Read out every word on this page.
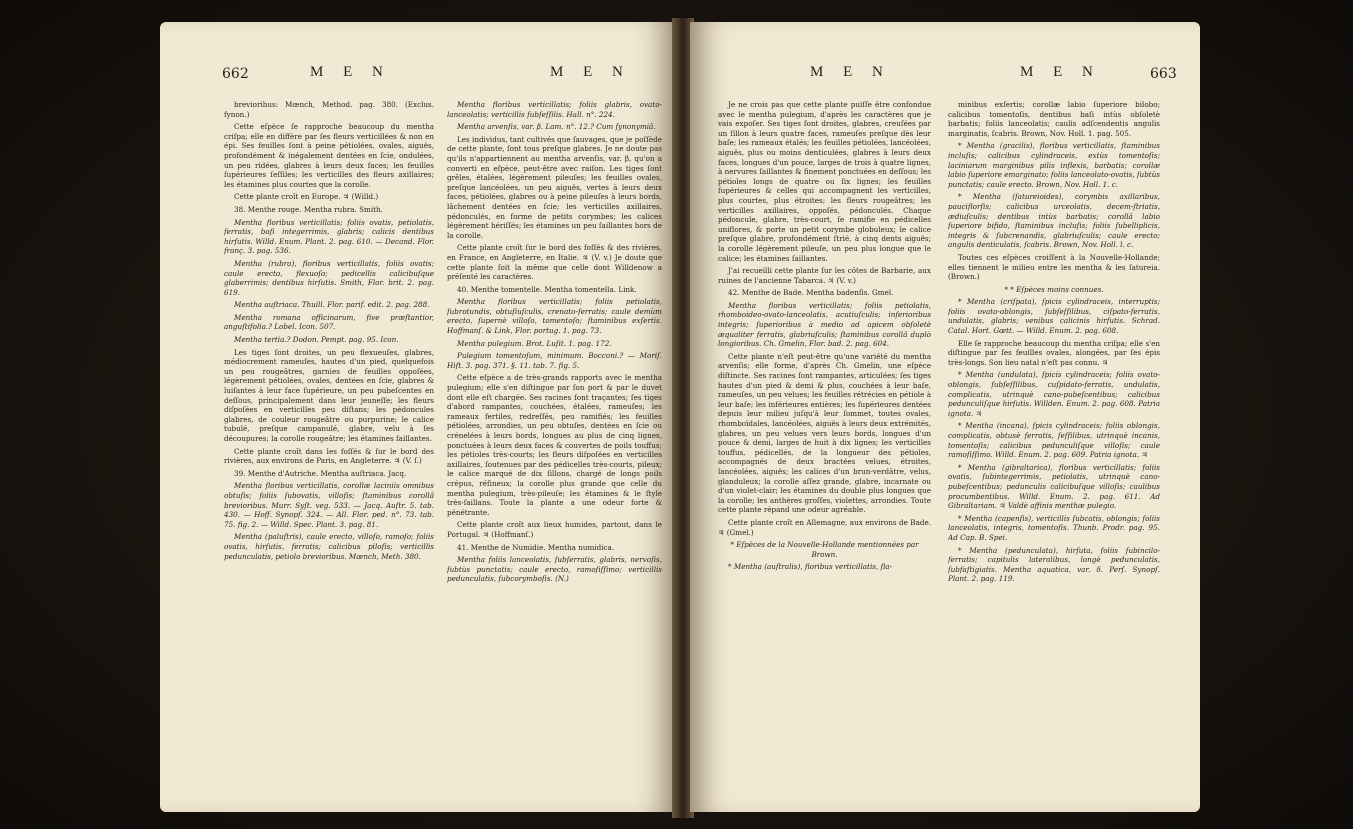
662	M E N	M E N

breviorihus: Mœnch, Method. pag. 380. (Exclus. fynon.)

Cette eſpèce ſe rapproche beaucoup du mentha criſpa; elle en diffère par ſes fleurs verticillées & non en épi. Ses feuilles ſont à peine pétiolées, ovales, aiguës, profondément & inégalement dentées en ſcie, ondulées, un peu ridées, glabres à leurs deux faces; les feuilles ſupérieures ſeſſiles; les verticilles des fleurs axillaires; les étamines plus courtes que la corolle.

Cette plante croît en Europe. ♃ (Willd.)

38. Menthe rouge. Mentha rubra. Smith.

Mentha floribus verticillatis; foliis ovatis, petiolatis, ferratis, baſi integerrimis, glabris; calicis dentibus hirſutis. Willd. Enum. Plant. 2. pag. 610. — Decand. Flor. franç. 3. pag. 536.

Mentha (rubra), floribus verticillatis, foliis ovatis; caule erecto, flexuoſo; pedicellis calicibuſque glaberrimis; dentibus hirſutis. Smith, Flor. brit. 2. pag. 619.

Mentha auſtriaca. Thuill. Flor. parif. edit. 2. pag. 288.

Mentha romana officinarum, five præſtantior, anguſtifolia.? Lobel. Icon. 507.

Mentha tertia.? Dodon. Pempt. pag. 95. Icon.

Les tiges ſont droites, un peu flexueuſes, glabres, médiocrement rameuſes, hautes d'un pied, quelquefois un peu rougeâtres, garnies de feuilles oppoſées, légèrement pétiolées, ovales, dentées en ſcie, glabres & luiſantes à leur face ſupérieure, un peu pubeſcentes en deſſous, principalement dans leur jeuneſſe; les fleurs diſpoſées en verticilles peu diſtans; les pédoncules glabres, de couleur rougeâtre ou purpurine; le calice tubulé, preſque campanulé, glabre, velu à ſes découpures; la corolle rougeâtre; les étamines ſaillantes.

Cette plante croît dans les foſſés & ſur le bord des rivières, aux environs de Paris, en Angleterre. ♃ (V. ſ.)

39. Menthe d'Autriche. Mentha auſtriaca. Jacq.

Mentha floribus verticillatis, corollæ laciniis omnibus obtuſis; foliis ſubovatis, villoſis; ſtaminibus corollâ brevioribus. Murr. Syſt. veg. 533. — Jacq. Auſtr. 5. tab. 430. — Hoff. Synopſ. 324. — All. Flor. ped. n°. 73. tab. 75. fig. 2. — Willd. Spec. Plant. 3. pag. 81.

Mentha (paluſtris), caule erecto, villoſo, ramoſo; foliis ovatis, hirſutis, ferratis; calicibus piloſis; verticillis pedunculatis, petiolo brevioribus. Mœnch, Meth. 380.

Mentha floribus verticillatis; foliis glabris, ovato-lanceolatis; verticillis ſubſeſſilis. Hall. n°. 224.

Mentha arvenſis, var. β. Lam. n°. 12.? Cum ſynonymiâ.

Les individus, tant cultivés que ſauvages, que je poſſède de cette plante, ſont tous preſque glabres. Je ne doute pas qu'ils n'appartiennent au mentha arvenſis, var. β, qu'on a converti en eſpèce, peut-être avec raiſon. Les tiges ſont grêles, étalées, légèrement pileuſes; les feuilles ovales, preſque lancéolées, un peu aiguës, vertes à leurs deux faces, pétiolées, glabres ou à peine pileuſes à leurs bords, lâchement dentées en ſcie; les verticilles axillaires, pédonculés, en forme de petits corymbes; les calices légèrement hériſſés; les étamines un peu ſaillantes hors de la corolle.

Cette plante croît ſur le bord des foſſés & des rivières, en France, en Angleterre, en Italie. ♃ (V. v.) Je doute que cette plante ſoit la même que celle dont Willdenow a préſenté les caractères.

40. Menthe tomentelle. Mentha tomentella. Link.

Mentha floribus verticillatis; foliis petiolatis, ſubrotundis, obtuſiuſculis, crenato-ferratis; caule demùm erecto, ſupernè villoſo, tomentoſo; ſtaminibus exſertis. Hoffmanſ. & Link, Flor. portug. 1. pag. 73.

Mentha pulegium. Brot. Luſit. 1. pag. 172.

Pulegium tomentoſum, minimum. Bocconi.? — Moriſ. Hiſt. 3. pag. 371. §. 11. tab. 7. fig. 5.

Cette eſpèce a de très-grands rapports avec le mentha pulegium; elle s'en diſtingue par ſon port & par le duvet dont elle eſt chargée. Ses racines ſont traçantes; ſes tiges d'abord rampantes, couchées, étalées, rameuſes; les rameaux fertiles, redreſſés, peu ramifiés; les feuilles pétiolées, arrondies, un peu obtuſes, dentées en ſcie ou crénelées à leurs bords, longues au plus de cinq lignes, ponctuées à leurs deux faces & couvertes de poils touffus; les pétioles très-courts; les fleurs diſpoſées en verticilles axillaires, ſoutenues par des pédicelles très-courts, pileux; le calice marqué de dix ſillons, chargé de longs poils crépus, réſineux; la corolle plus grande que celle du mentha pulegium, très-pileuſe; les étamines & le ſtyle très-ſaillans. Toute la plante a une odeur forte & pénétrante.

Cette plante croît aux lieux humides, partout, dans le Portugal. ♃ (Hoffmanſ.)

41. Menthe de Numidie. Mentha numidica.

Mentha foliis lanceolatis, ſubſerratis, glabris, nervoſis, ſubtùs punctatis; caule erecto, ramoſiſſimo; verticillis pedunculatis, ſubcorymboſis. (N.)

M E N	M E N	663

Je ne crois pas que cette plante puiſſe être confondue avec le mentha pulegium, d'après les caractères que je vais expoſer. Ses tiges ſont droites, glabres, creuſées par un ſillon à leurs quatre faces, rameuſes preſque dès leur baſe; les rameaux étalés; les feuilles pétiolées, lancéolées, aiguës, plus ou moins denticulées, glabres à leurs deux faces, longues d'un pouce, larges de trois à quatre lignes, à nervures ſaillantes & finement ponctuées en deſſous; les pétioles longs de quatre ou ſix lignes; les feuilles ſupérieures & celles qui accompagnent les verticilles, plus courtes, plus étroites; les fleurs rougeâtres; les verticilles axillaires, oppoſés, pédonculés. Chaque pédoncule, glabre, très-court, ſe ramifie en pédicelles uniflores, & porte un petit corymbe globuleux; le calice preſque glabre, profondément ſtrié, à cinq dents aiguës; la corolle légèrement pileuſe, un peu plus longue que le calice; les étamines ſaillantes.

J'ai recueilli cette plante ſur les côtes de Barbarie, aux ruines de l'ancienne Tabarca. ♃ (V. v.)

42. Menthe de Bade. Mentha badenſis. Gmel.

Mentha floribus verticillatis; foliis petiolatis, rhomboideo-ovato-lanceolatis, acutiuſculis; inferioribus integris; ſuperioribus à medio ad apicem obſoletè æqualiter ferratis, glabriuſculis; ſtaminibus corollâ duplò longioribus. Ch. Gmelin, Flor. bad. 2. pag. 604.

Cette plante n'eſt peut-être qu'une variété du mentha arvenſis; elle forme, d'après Ch. Gmelin, une eſpèce diſtincte. Ses racines ſont rampantes, articulées; ſes tiges hautes d'un pied & demi & plus, couchées à leur baſe, rameuſes, un peu velues; les feuilles rétrécies en pétiole à leur baſe; les inférieures entières; les ſupérieures dentées depuis leur milieu juſqu'à leur ſommet, toutes ovales, rhomboïdales, lancéolées, aiguës à leurs deux extrémités, glabres, un peu velues vers leurs bords, longues d'un pouce & demi, larges de huit à dix lignes; les verticilles touffus, pédicellés, de la longueur des pétioles, accompagnés de deux bractées velues, étroites, lancéolées, aiguës; les calices d'un brun-verdâtre, velus, glanduleux; la corolle aſſez grande, glabre, incarnate ou d'un violet-clair; les étamines du double plus longues que la corolle; les anthères groſſes, violettes, arrondies. Toute cette plante répand une odeur agréable.

Cette plante croît en Allemagne, aux environs de Bade. ♃ (Gmel.)

* Eſpèces de la Nouvelle-Hollande mentionnées par Brown.

* Mentha (auſtralis), floribus verticillatis, fla-

minibus exſertis; corollæ labio ſuperiore bilobo; calicibus tomentoſis, dentibus baſi intùs obſoletè barbatis; foliis lanceolatis; caulis adſcendentis angulis marginatis, ſcabris. Brown, Nov. Holl. 1. pag. 505.

* Mentha (gracilis), floribus verticillatis, ſtaminibus incluſis; calicibus cylindraceis, extùs tomentoſis; laciniarum marginibus pilis inflexis, barbatis; corollæ labio ſuperiore emarginato; foliis lanceolato-ovatis, ſubtùs punctatis; caule erecto. Brown, Nov. Holl. 1. c.

* Mentha (ſatureioides), corymbis axillaribus, pauciflorſis; calicibus urceolatis, decem-ſtriatis, ædiuſculis; dentibus intùs barbatis; corollâ labio ſuperiore bifido, ſtaminibus incluſis; foliis ſubelliplicis, integris & ſubcrenandis, glabriuſculis; caule erecto; angulis denticulatis, ſcabris. Brown, Nov. Holl. l. c.

Toutes ces eſpèces croiſſent à la Nouvelle-Hollande; elles tiennent le milieu entre les mentha & les ſatureia. (Brown.)

* * Eſpèces moins connues.

* Mentha (criſpata), ſpicis cylindraceis, interruptis; foliis ovato-oblongis, ſubſeſſilibus, ciſpato-ferratis, undulatis, glabris; venibus calicinis hirſutis. Schrad. Catal. Hort. Gœtt. — Willd. Enum. 2. pag. 608.

Elle ſe rapproche beaucoup du mentha criſpa; elle s'en diſtingue par ſes feuilles ovales, alongées, par ſes épis très-longs. Son lieu natal n'eſt pas connu. ♃

* Mentha (undulata), ſpicis cylindraceis; foliis ovato-oblongis, ſubſeſſilibus, cuſpidato-ferratis, undulatis, complicatis, utrinquè cano-pubeſcentibus; calicibus pedunculiſque hirſutis. Willden. Enum. 2. pag. 608. Patria ignota. ♃

* Mentha (incana), ſpicis cylindraceis; foliis oblongis, complicatis, obtusè ferratis, ſeſſilibus, utrinquè incanis, tomentoſis; calicibus pedunculiſque villoſis; caule ramoſiſſimo. Willd. Enum. 2. pag. 609. Patria ignota. ♃

* Mentha (gibraltarica), floribus verticillatis; foliis ovatis, ſubintegerrimis, petiolatis, utrinquè cano-pubeſcentibus; pedunculis calicibuſque villoſis; caulibus procumbentibus. Willd. Enum. 2. pag. 611. Ad Gibraltariam. ♃ Valdè affinis menthæ pulegio.

* Mentha (capenſis), verticillis ſubcatis, oblongis; foliis lanceolatis, integris, tomentoſis. Thunb. Prodr. pag. 95. Ad Cap. B. Spei.

* Mentha (pedunculata), hirſuta, foliis ſubincilo-ferratis; capitulis lateralibus, longè pedunculatis, ſubfaſtigiatis. Mentha aquatica, var. δ. Perſ. Synopſ. Plant. 2. pag. 119.
